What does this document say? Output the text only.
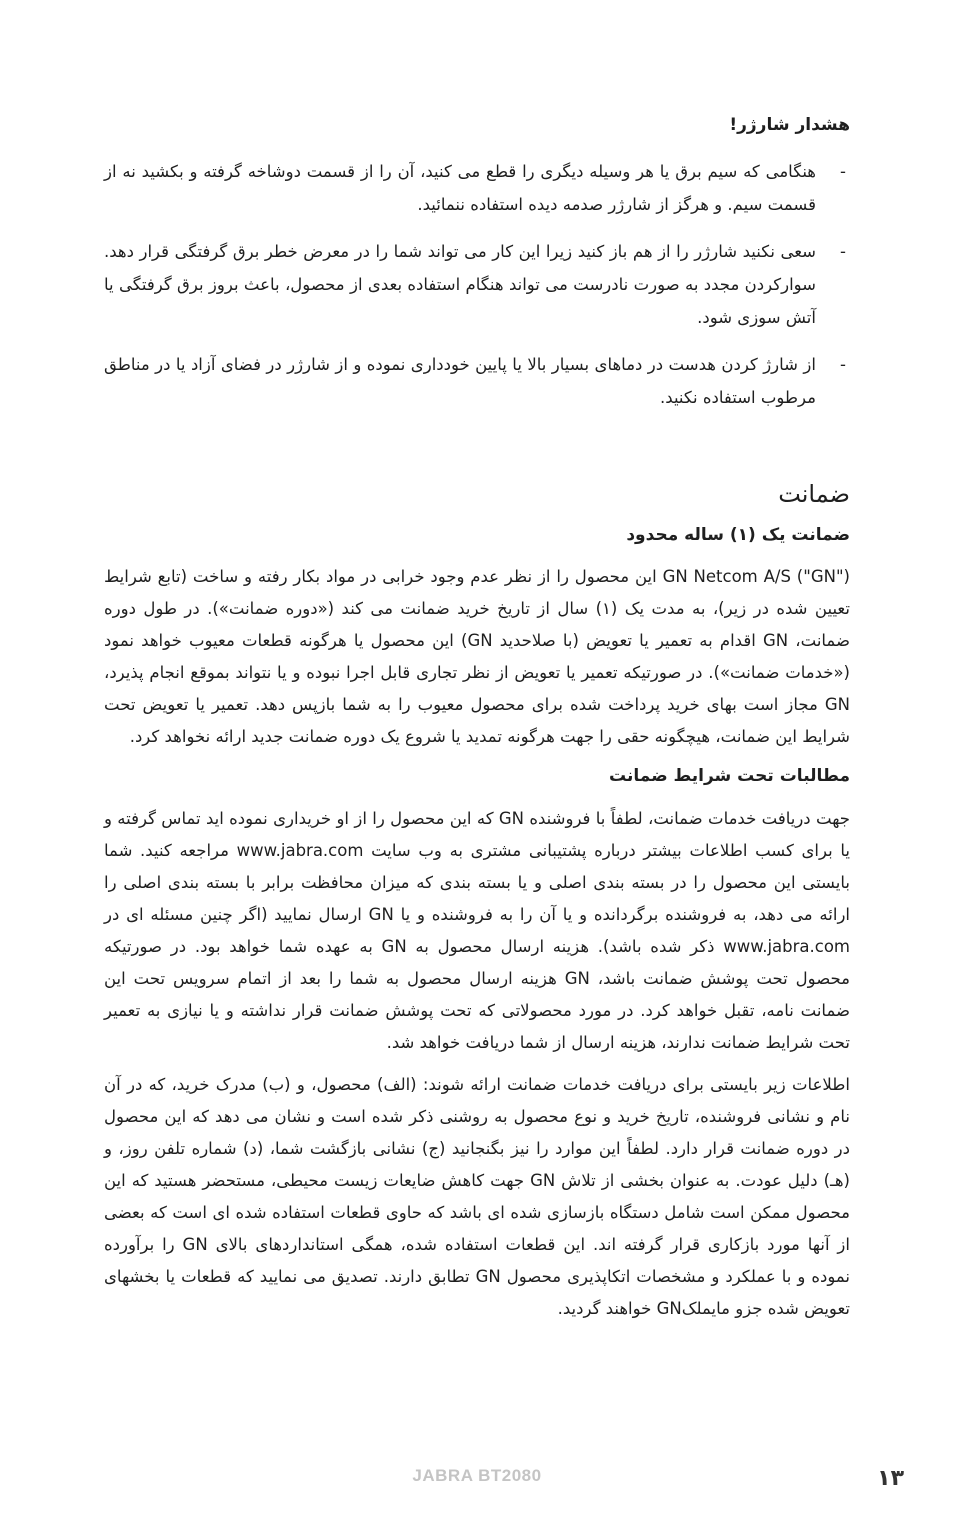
هشدار شارژر!
-
هنگامی که سیم برق یا هر وسیله دیگری را قطع می کنید، آن را از قسمت دوشاخه گرفته و بکشید نه از قسمت سیم. و هرگز از شارژر صدمه دیده استفاده ننمائید.
-
سعی نکنید شارژر را از هم باز کنید زیرا این کار می تواند شما را در معرض خطر برق گرفتگی قرار دهد. سوارکردن مجدد به صورت نادرست می تواند هنگام استفاده بعدی از محصول، باعث بروز برق گرفتگی یا آتش سوزی شود.
-
از شارژ کردن هدست در دماهای بسیار بالا یا پایین خودداری نموده و از شارژر در فضای آزاد یا در مناطق مرطوب استفاده نکنید.
ضمانت
ضمانت یک (۱) ساله محدود

GN Netcom A/S ("GN") این محصول را از نظر عدم وجود خرابی در مواد بکار رفته و ساخت (تابع شرایط تعیین شده در زیر)، به مدت یک (۱) سال از تاریخ خرید ضمانت می کند («دوره ضمانت»). در طول دوره ضمانت، GN اقدام به تعمیر یا تعویض (با صلاحدید GN) این محصول یا هرگونه قطعات معیوب خواهد نمود («خدمات ضمانت»). در صورتیکه تعمیر یا تعویض از نظر تجاری قابل اجرا نبوده و یا نتواند بموقع انجام پذیرد، GN مجاز است بهای خرید پرداخت شده برای محصول معیوب را به شما بازپس دهد. تعمیر یا تعویض تحت شرایط این ضمانت، هیچگونه حقی را جهت هرگونه تمدید یا شروع یک دوره ضمانت جدید ارائه نخواهد کرد.

مطالبات تحت شرایط ضمانت

جهت دریافت خدمات ضمانت، لطفاً با فروشنده GN که این محصول را از او خریداری نموده اید تماس گرفته و یا برای کسب اطلاعات بیشتر درباره پشتیبانی مشتری به وب سایت www.jabra.com مراجعه کنید. شما بایستی این محصول را در بسته بندی اصلی و یا بسته بندی که میزان محافظت برابر با بسته بندی اصلی را ارائه می دهد، به فروشنده برگردانده و یا آن را به فروشنده و یا GN ارسال نمایید (اگر چنین مسئله ای در www.jabra.com ذکر شده باشد). هزینه ارسال محصول به GN به عهده شما خواهد بود. در صورتیکه محصول تحت پوشش ضمانت باشد، GN هزینه ارسال محصول به شما را بعد از اتمام سرویس تحت این ضمانت نامه، تقبل خواهد کرد. در مورد محصولاتی که تحت پوشش ضمانت قرار نداشته و یا نیازی به تعمیر تحت شرایط ضمانت ندارند، هزینه ارسال از شما دریافت خواهد شد.

اطلاعات زیر بایستی برای دریافت خدمات ضمانت ارائه شوند: (الف) محصول، و (ب) مدرک خرید، که در آن نام و نشانی فروشنده، تاریخ خرید و نوع محصول به روشنی ذکر شده است و نشان می دهد که این محصول در دوره ضمانت قرار دارد. لطفاً این موارد را نیز بگنجانید (ج) نشانی بازگشت شما، (د) شماره تلفن روز، و (هـ) دلیل عودت. به عنوان بخشی از تلاش GN جهت کاهش ضایعات زیست محیطی، مستحضر هستید که این محصول ممکن است شامل دستگاه بازسازی شده ای باشد که حاوی قطعات استفاده شده ای است که بعضی از آنها مورد بازکاری قرار گرفته اند. این قطعات استفاده شده، همگی استانداردهای بالای GN را برآورده نموده و با عملکرد و مشخصات اتکاپذیری محصول GN تطابق دارند. تصدیق می نمایید که قطعات یا بخشهای تعویض شده جزو مایملکGN خواهند گردید.

JABRA BT2080	۱۳
